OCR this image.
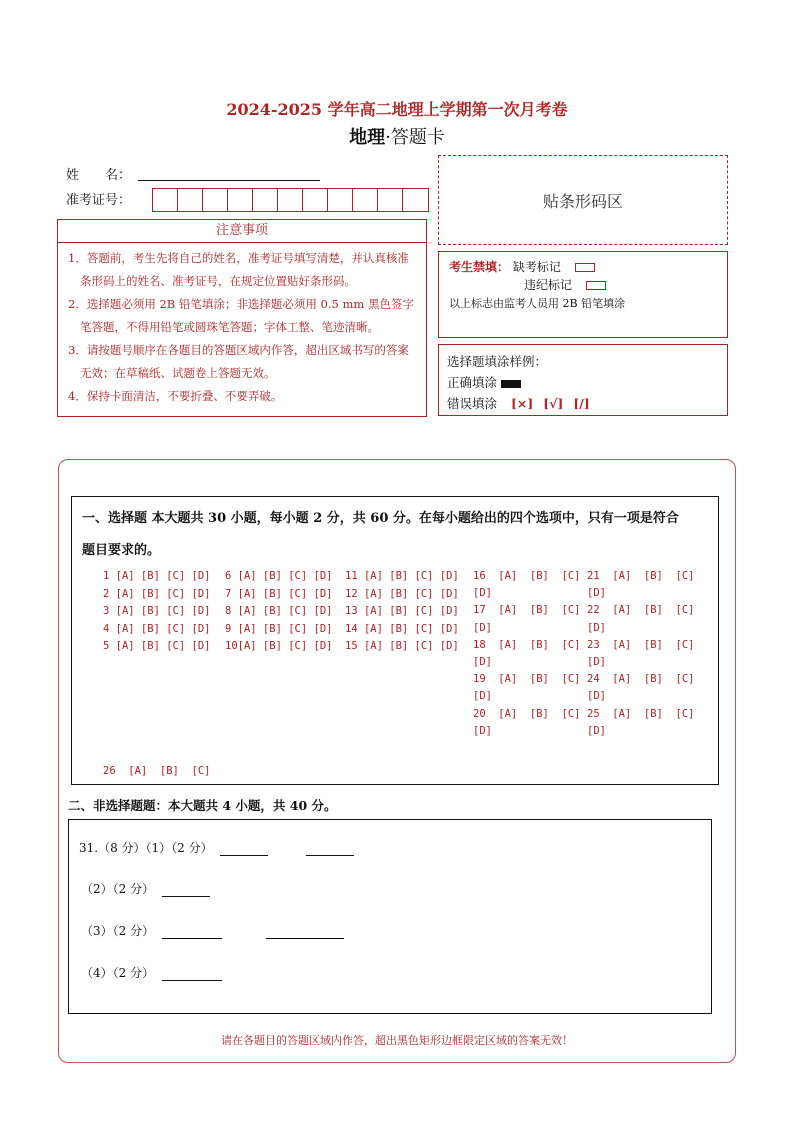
2024-2025 学年高二地理上学期第一次月考卷
地理·答题卡
姓　　名：
准考证号：
注意事项
1．答题前，考生先将自己的姓名，准考证号填写清楚，并认真核准条形码上的姓名、准考证号，在规定位置贴好条形码。
2．选择题必须用 2B 铅笔填涂；非选择题必须用 0.5 mm 黑色签字笔答题，不得用铅笔或圆珠笔答题；字体工整、笔迹清晰。
3．请按题号顺序在各题目的答题区域内作答，超出区域书写的答案无效；在草稿纸、试题卷上答题无效。
4．保持卡面清洁，不要折叠、不要弄破。
贴条形码区
考生禁填： 缺考标记
违纪标记
以上标志由监考人员用 2B 铅笔填涂
选择题填涂样例：
正确填涂
错误填涂 [×] [√] [/]
一、选择题 本大题共 30 小题，每小题 2 分，共 60 分。在每小题给出的四个选项中，只有一项是符合
题目要求的。
1 [A] [B] [C] [D]
2 [A] [B] [C] [D]
3 [A] [B] [C] [D]
4 [A] [B] [C] [D]
5 [A] [B] [C] [D]
6 [A] [B] [C] [D]
7 [A] [B] [C] [D]
8 [A] [B] [C] [D]
9 [A] [B] [C] [D]
10[A] [B] [C] [D]
11 [A] [B] [C] [D]
12 [A] [B] [C] [D]
13 [A] [B] [C] [D]
14 [A] [B] [C] [D]
15 [A] [B] [C] [D]
16  [A]  [B]  [C]
[D]
17  [A]  [B]  [C]
[D]
18  [A]  [B]  [C]
[D]
19  [A]  [B]  [C]
[D]
20  [A]  [B]  [C]
[D]
21  [A]  [B]  [C]
[D]
22  [A]  [B]  [C]
[D]
23  [A]  [B]  [C]
[D]
24  [A]  [B]  [C]
[D]
25  [A]  [B]  [C]
[D]
26  [A]  [B]  [C]
二、非选择题题：本大题共 4 小题，共 40 分。
31.（8 分）（1）（2 分）
（2）（2 分）
（3）（2 分）
（4）（2 分）
请在各题目的答题区域内作答，超出黑色矩形边框限定区域的答案无效！
